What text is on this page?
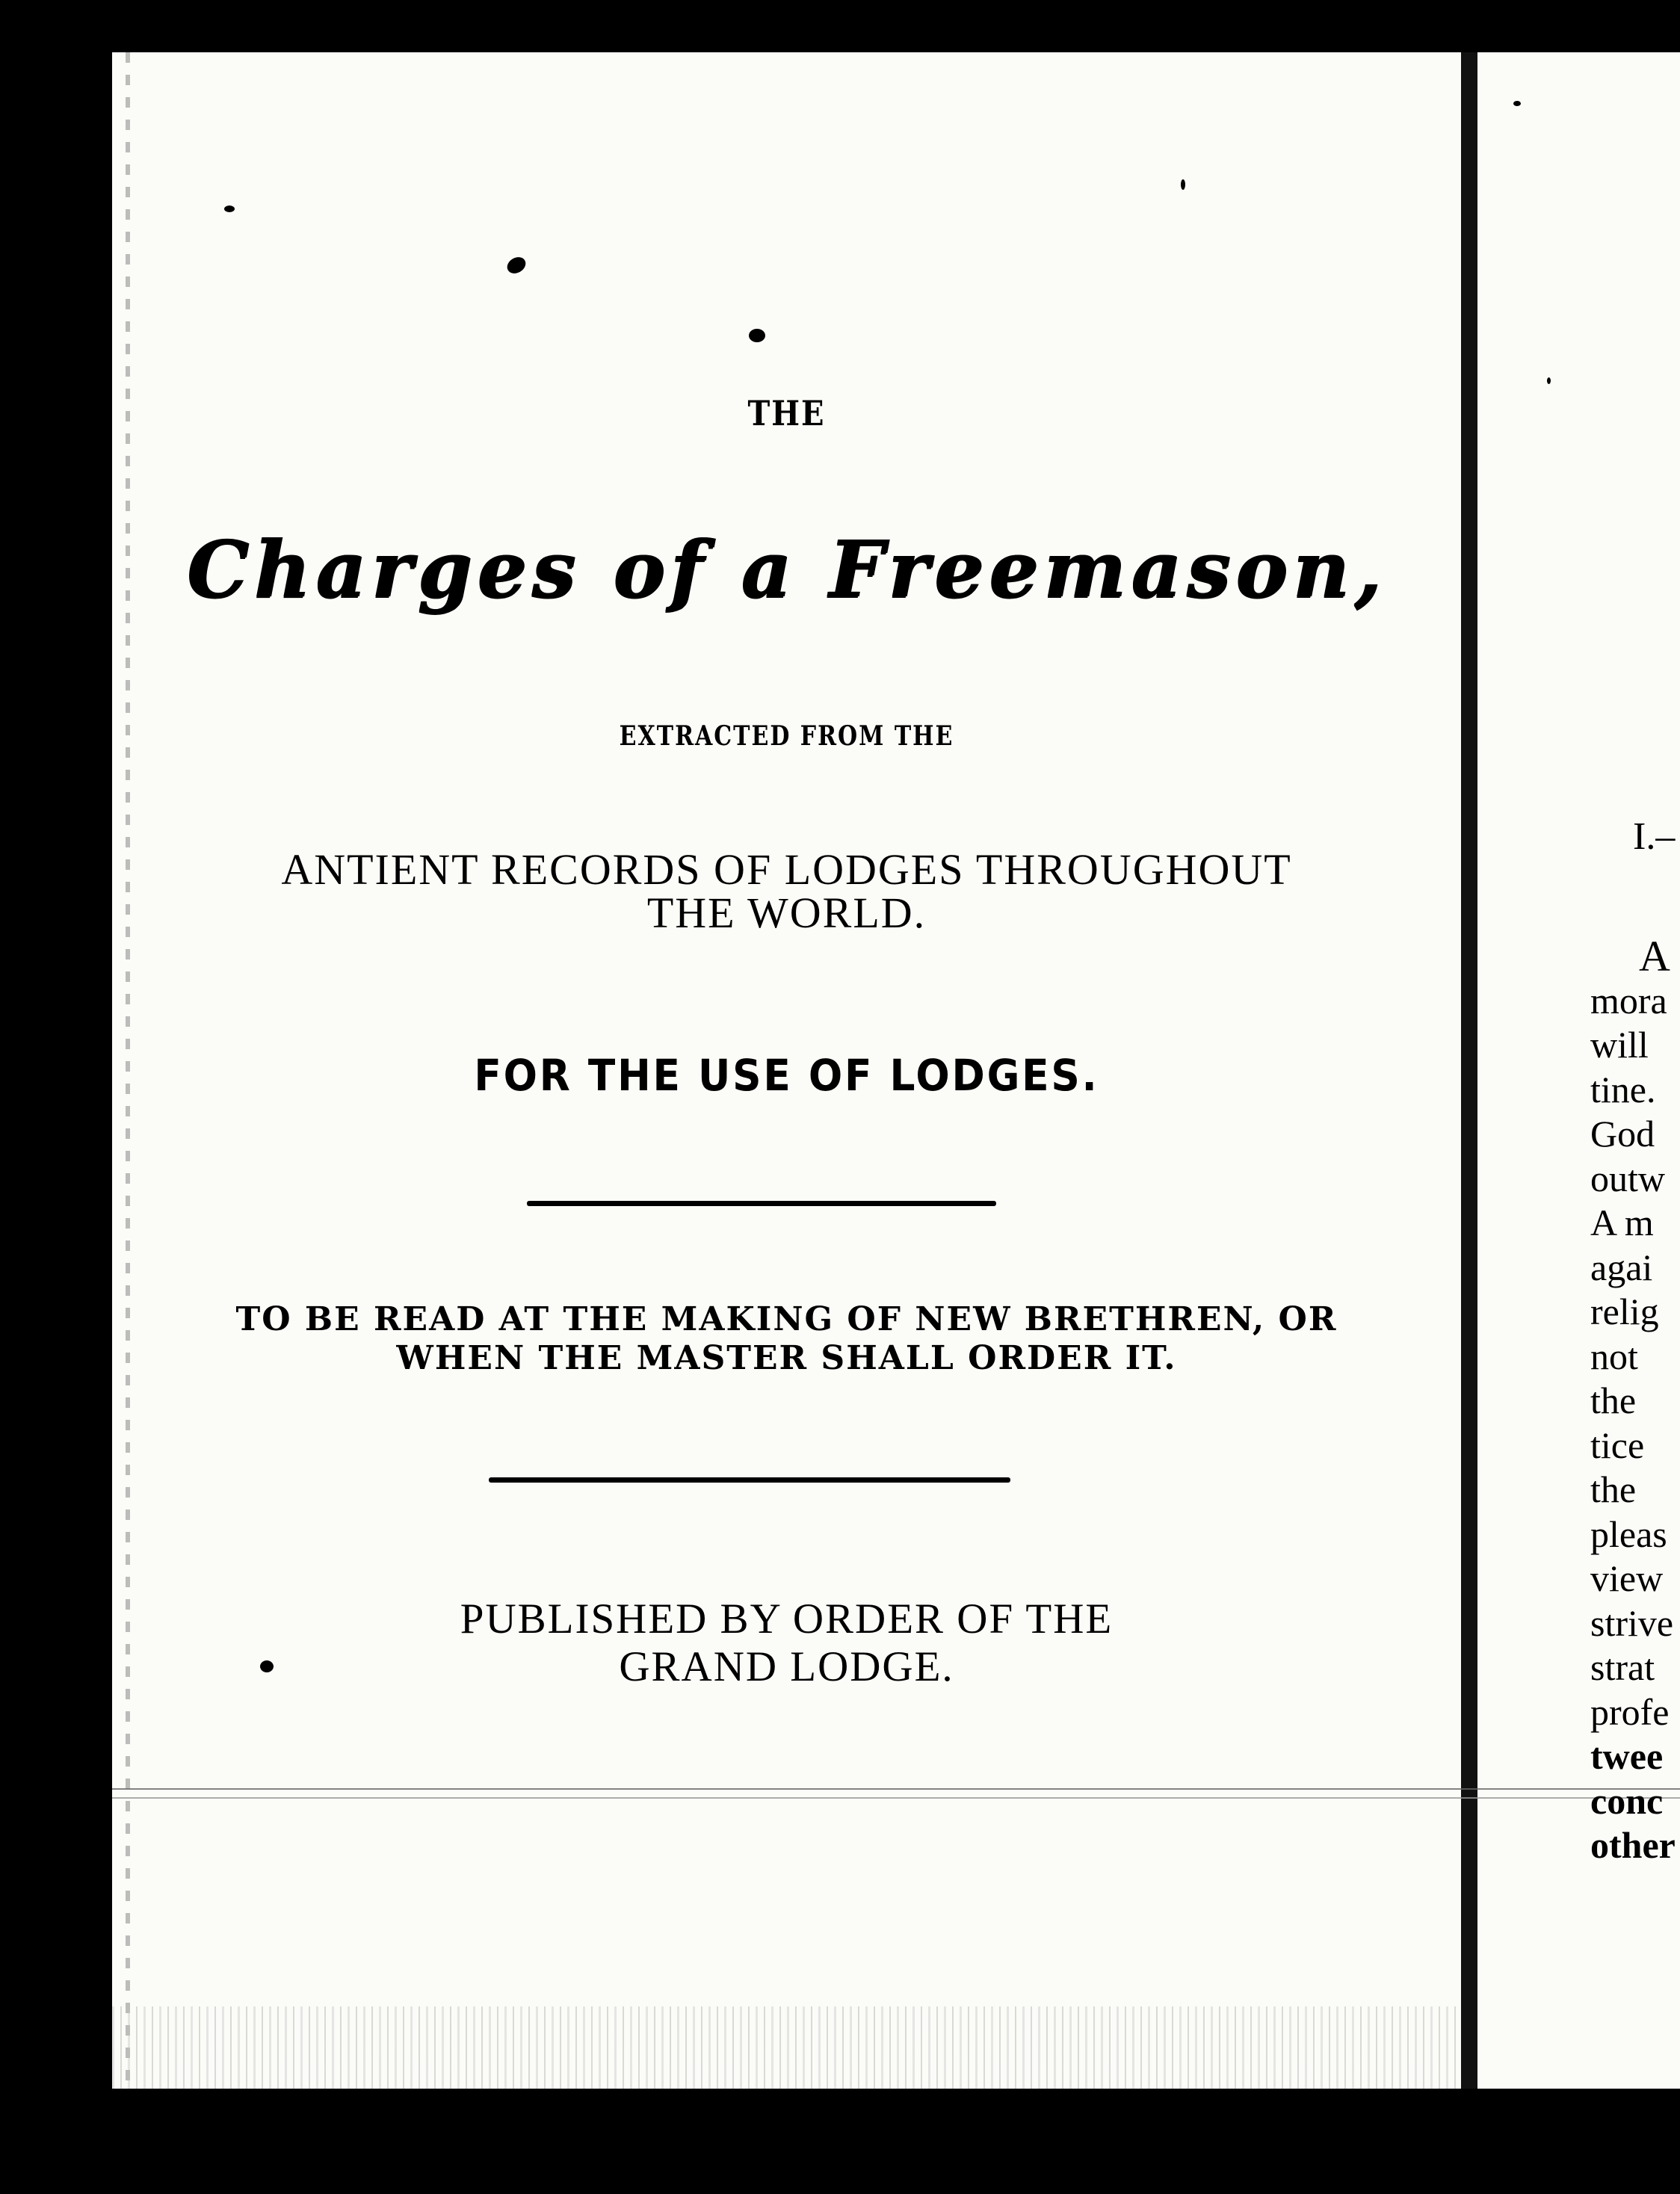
THE
Charges of a Freemason,
EXTRACTED FROM THE
ANTIENT RECORDS OF LODGES THROUGHOUT
THE WORLD.
FOR THE USE OF LODGES.
TO BE READ AT THE MAKING OF NEW BRETHREN, OR
WHEN THE MASTER SHALL ORDER IT.
PUBLISHED BY ORDER OF THE
GRAND LODGE.
I.–
A
mora
will
tine.
God
outw
A m
agai
relig
not
the
tice
the
pleas
view
strive
strat
profe
twee
conc
other
